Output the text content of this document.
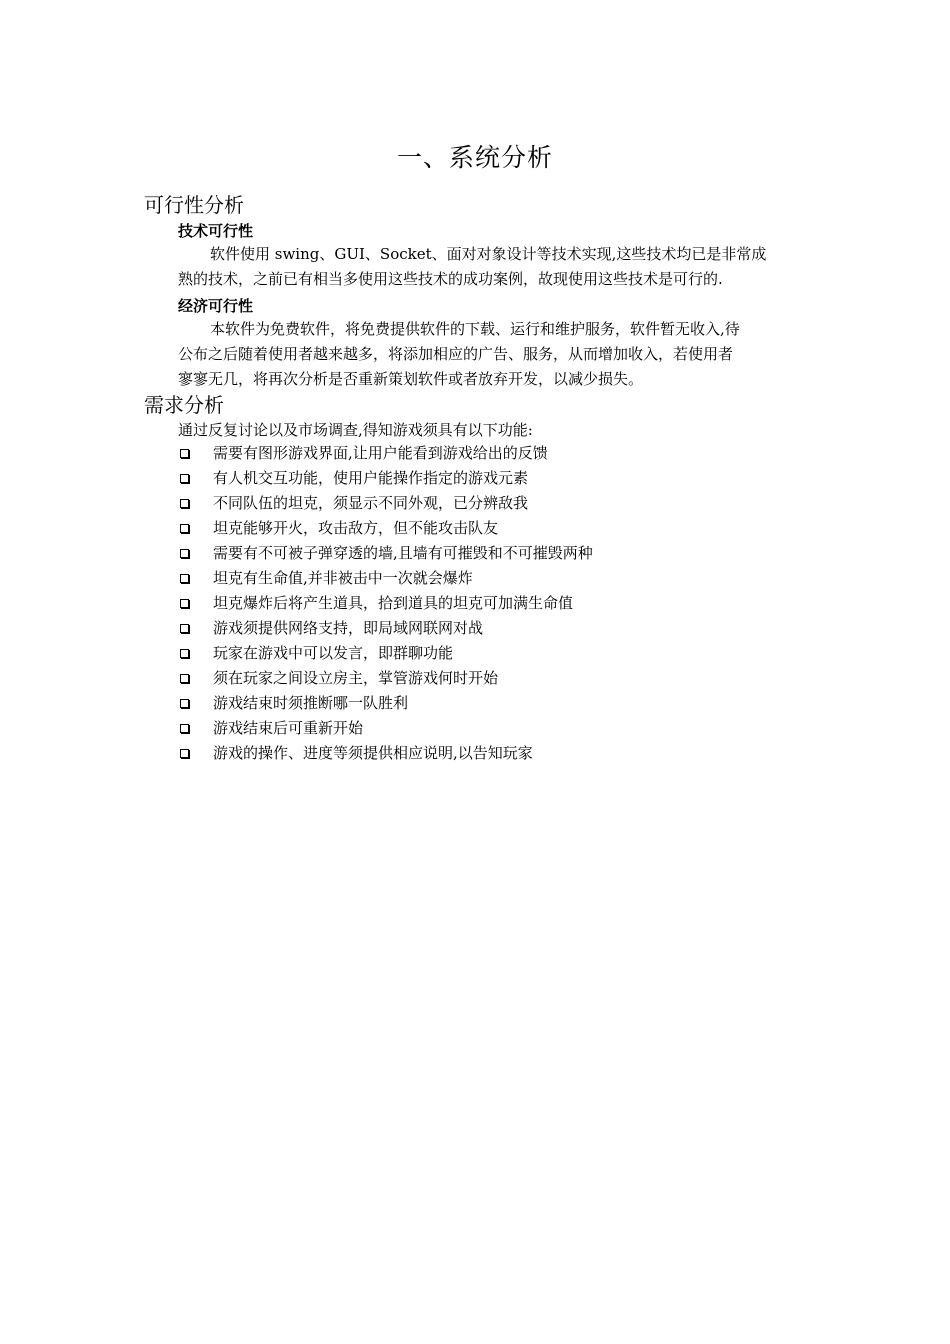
一、系统分析
可行性分析
技术可行性
软件使用 swing、GUI、Socket、面对对象设计等技术实现,这些技术均已是非常成
熟的技术，之前已有相当多使用这些技术的成功案例，故现使用这些技术是可行的.
经济可行性
本软件为免费软件，将免费提供软件的下载、运行和维护服务，软件暂无收入,待
公布之后随着使用者越来越多，将添加相应的广告、服务，从而增加收入，若使用者
寥寥无几，将再次分析是否重新策划软件或者放弃开发，以减少损失。
需求分析
通过反复讨论以及市场调查,得知游戏须具有以下功能:
需要有图形游戏界面,让用户能看到游戏给出的反馈
有人机交互功能，使用户能操作指定的游戏元素
不同队伍的坦克，须显示不同外观，已分辨敌我
坦克能够开火，攻击敌方，但不能攻击队友
需要有不可被子弹穿透的墙,且墙有可摧毁和不可摧毁两种
坦克有生命值,并非被击中一次就会爆炸
坦克爆炸后将产生道具，拾到道具的坦克可加满生命值
游戏须提供网络支持，即局域网联网对战
玩家在游戏中可以发言，即群聊功能
须在玩家之间设立房主，掌管游戏何时开始
游戏结束时须推断哪一队胜利
游戏结束后可重新开始
游戏的操作、进度等须提供相应说明,以告知玩家
